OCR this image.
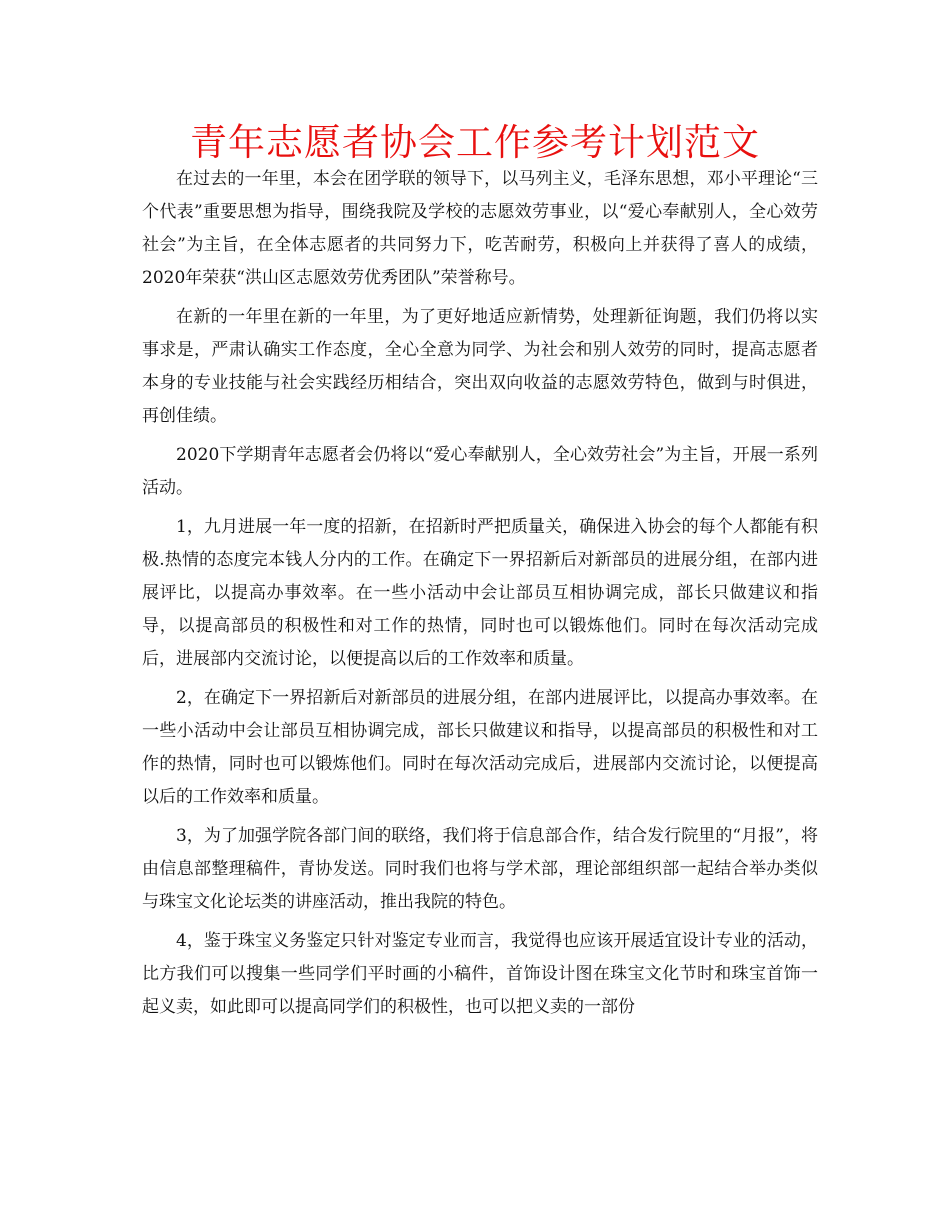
青年志愿者协会工作参考计划范文

在过去的一年里，本会在团学联的领导下，以马列主义，毛泽东思想，邓小平理论“三个代表”重要思想为指导，围绕我院及学校的志愿效劳事业，以“爱心奉献别人，全心效劳社会”为主旨，在全体志愿者的共同努力下，吃苦耐劳，积极向上并获得了喜人的成绩，2020年荣获“洪山区志愿效劳优秀团队”荣誉称号。

在新的一年里在新的一年里，为了更好地适应新情势，处理新征询题，我们仍将以实事求是，严肃认确实工作态度，全心全意为同学、为社会和别人效劳的同时，提高志愿者本身的专业技能与社会实践经历相结合，突出双向收益的志愿效劳特色，做到与时俱进，再创佳绩。

2020下学期青年志愿者会仍将以“爱心奉献别人，全心效劳社会”为主旨，开展一系列活动。

1，九月进展一年一度的招新，在招新时严把质量关，确保进入协会的每个人都能有积极.热情的态度完本钱人分内的工作。在确定下一界招新后对新部员的进展分组，在部内进展评比，以提高办事效率。在一些小活动中会让部员互相协调完成，部长只做建议和指导，以提高部员的积极性和对工作的热情，同时也可以锻炼他们。同时在每次活动完成后，进展部内交流讨论，以便提高以后的工作效率和质量。

2，在确定下一界招新后对新部员的进展分组，在部内进展评比，以提高办事效率。在一些小活动中会让部员互相协调完成，部长只做建议和指导，以提高部员的积极性和对工作的热情，同时也可以锻炼他们。同时在每次活动完成后，进展部内交流讨论，以便提高以后的工作效率和质量。

3，为了加强学院各部门间的联络，我们将于信息部合作，结合发行院里的“月报”，将由信息部整理稿件，青协发送。同时我们也将与学术部，理论部组织部一起结合举办类似与珠宝文化论坛类的讲座活动，推出我院的特色。

4，鉴于珠宝义务鉴定只针对鉴定专业而言，我觉得也应该开展适宜设计专业的活动，比方我们可以搜集一些同学们平时画的小稿件，首饰设计图在珠宝文化节时和珠宝首饰一起义卖，如此即可以提高同学们的积极性，也可以把义卖的一部份
